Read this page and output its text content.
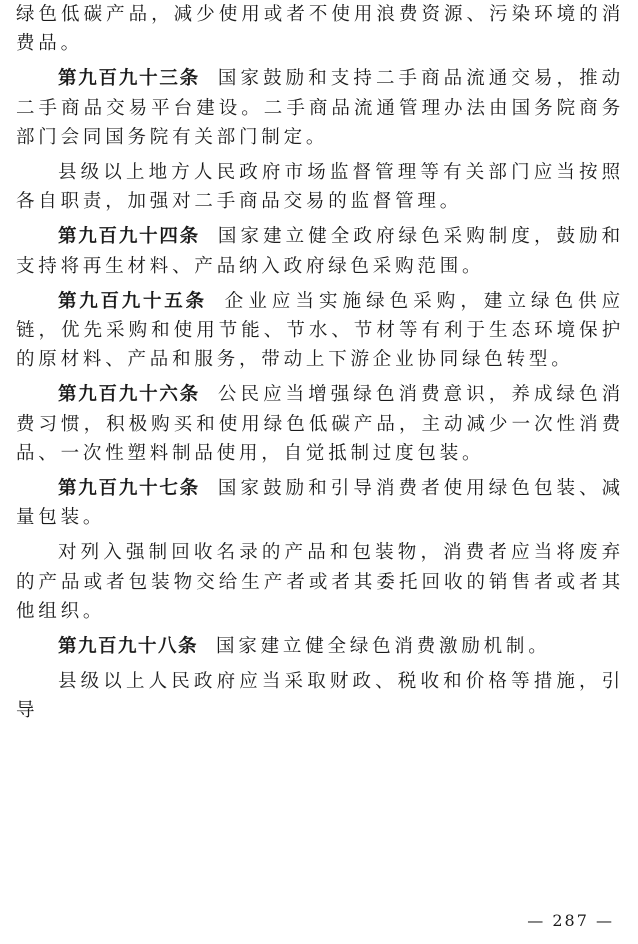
绿色低碳产品，减少使用或者不使用浪费资源、污染环境的消费品。

第九百九十三条 国家鼓励和支持二手商品流通交易，推动二手商品交易平台建设。二手商品流通管理办法由国务院商务部门会同国务院有关部门制定。

县级以上地方人民政府市场监督管理等有关部门应当按照各自职责，加强对二手商品交易的监督管理。

第九百九十四条 国家建立健全政府绿色采购制度，鼓励和支持将再生材料、产品纳入政府绿色采购范围。

第九百九十五条 企业应当实施绿色采购，建立绿色供应链，优先采购和使用节能、节水、节材等有利于生态环境保护的原材料、产品和服务，带动上下游企业协同绿色转型。

第九百九十六条 公民应当增强绿色消费意识，养成绿色消费习惯，积极购买和使用绿色低碳产品，主动减少一次性消费品、一次性塑料制品使用，自觉抵制过度包装。

第九百九十七条 国家鼓励和引导消费者使用绿色包装、减量包装。

对列入强制回收名录的产品和包装物，消费者应当将废弃的产品或者包装物交给生产者或者其委托回收的销售者或者其他组织。

第九百九十八条 国家建立健全绿色消费激励机制。

县级以上人民政府应当采取财政、税收和价格等措施，引导

— 287 —
